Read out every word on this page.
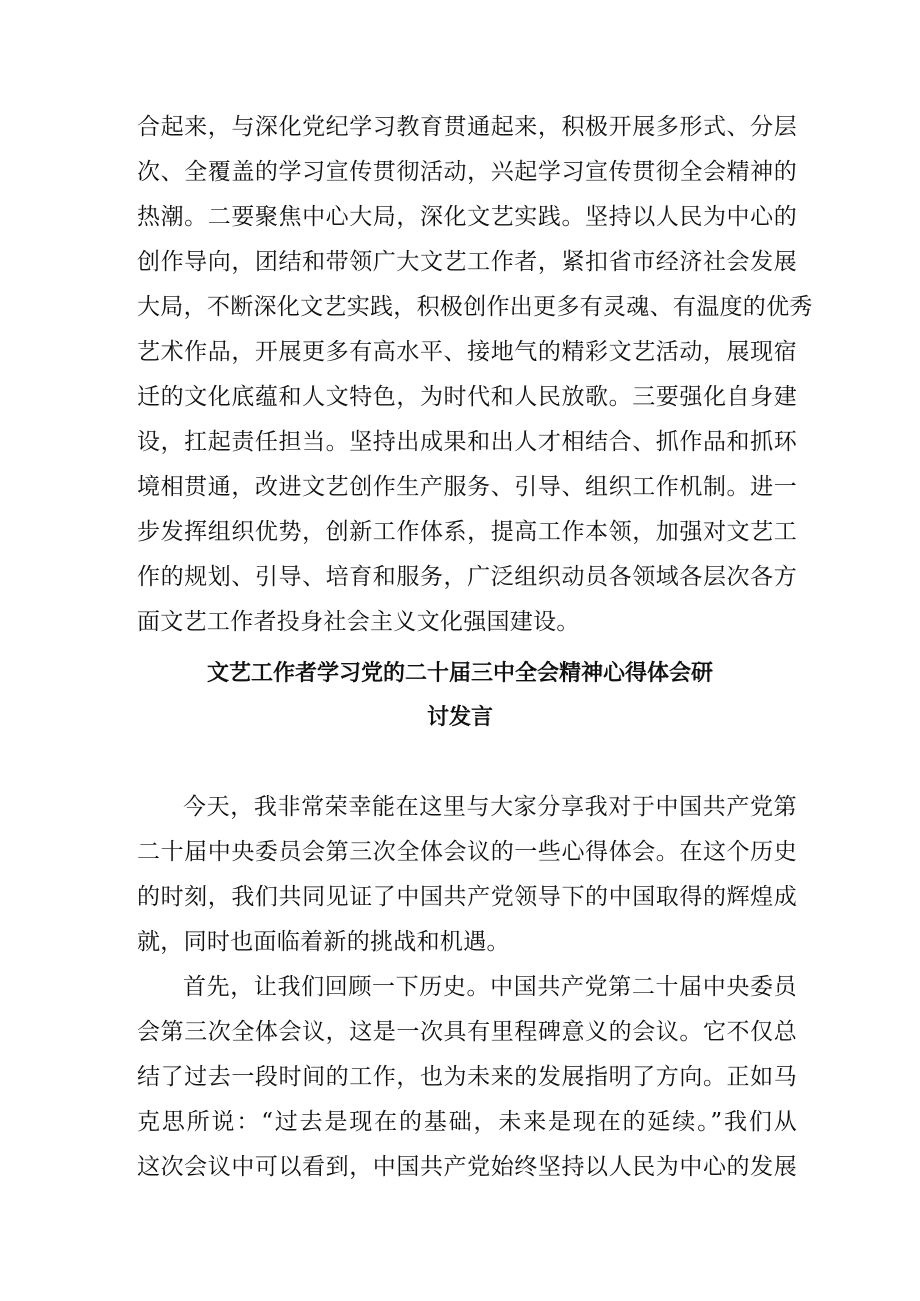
合起来，与深化党纪学习教育贯通起来，积极开展多形式、分层
次、全覆盖的学习宣传贯彻活动，兴起学习宣传贯彻全会精神的
热潮。二要聚焦中心大局，深化文艺实践。坚持以人民为中心的
创作导向，团结和带领广大文艺工作者，紧扣省市经济社会发展
大局，不断深化文艺实践，积极创作出更多有灵魂、有温度的优秀
艺术作品，开展更多有高水平、接地气的精彩文艺活动，展现宿
迁的文化底蕴和人文特色，为时代和人民放歌。三要强化自身建
设，扛起责任担当。坚持出成果和出人才相结合、抓作品和抓环
境相贯通，改进文艺创作生产服务、引导、组织工作机制。进一
步发挥组织优势，创新工作体系，提高工作本领，加强对文艺工
作的规划、引导、培育和服务，广泛组织动员各领域各层次各方
面文艺工作者投身社会主义文化强国建设。
文艺工作者学习党的二十届三中全会精神心得体会研
讨发言
今天，我非常荣幸能在这里与大家分享我对于中国共产党第
二十届中央委员会第三次全体会议的一些心得体会。在这个历史
的时刻，我们共同见证了中国共产党领导下的中国取得的辉煌成
就，同时也面临着新的挑战和机遇。
首先，让我们回顾一下历史。中国共产党第二十届中央委员
会第三次全体会议，这是一次具有里程碑意义的会议。它不仅总
结了过去一段时间的工作，也为未来的发展指明了方向。正如马
克思所说：“过去是现在的基础，未来是现在的延续。”我们从
这次会议中可以看到，中国共产党始终坚持以人民为中心的发展
